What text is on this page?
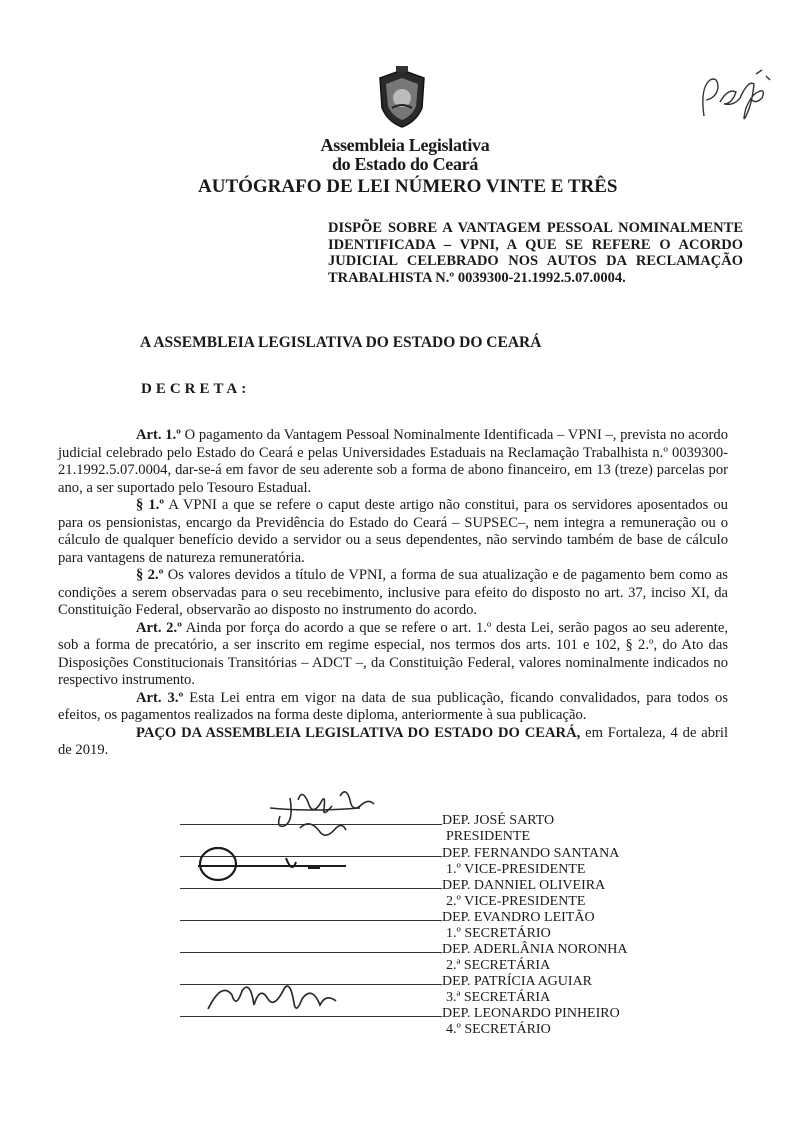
Assembleia Legislativa
do Estado do Ceará
AUTÓGRAFO DE LEI NÚMERO VINTE E TRÊS
DISPÕE SOBRE A VANTAGEM PESSOAL NOMINALMENTE IDENTIFICADA – VPNI, A QUE SE REFERE O ACORDO JUDICIAL CELEBRADO NOS AUTOS DA RECLAMAÇÃO TRABALHISTA N.º 0039300-21.1992.5.07.0004.
A ASSEMBLEIA LEGISLATIVA DO ESTADO DO CEARÁ
DECRETA:

Art. 1.º O pagamento da Vantagem Pessoal Nominalmente Identificada – VPNI –, prevista no acordo judicial celebrado pelo Estado do Ceará e pelas Universidades Estaduais na Reclamação Trabalhista n.º 0039300-21.1992.5.07.0004, dar-se-á em favor de seu aderente sob a forma de abono financeiro, em 13 (treze) parcelas por ano, a ser suportado pelo Tesouro Estadual.

§ 1.º A VPNI a que se refere o caput deste artigo não constitui, para os servidores aposentados ou para os pensionistas, encargo da Previdência do Estado do Ceará – SUPSEC–, nem integra a remuneração ou o cálculo de qualquer benefício devido a servidor ou a seus dependentes, não servindo também de base de cálculo para vantagens de natureza remuneratória.

§ 2.º Os valores devidos a título de VPNI, a forma de sua atualização e de pagamento bem como as condições a serem observadas para o seu recebimento, inclusive para efeito do disposto no art. 37, inciso XI, da Constituição Federal, observarão ao disposto no instrumento do acordo.

Art. 2.º Ainda por força do acordo a que se refere o art. 1.º desta Lei, serão pagos ao seu aderente, sob a forma de precatório, a ser inscrito em regime especial, nos termos dos arts. 101 e 102, § 2.º, do Ato das Disposições Constitucionais Transitórias – ADCT –, da Constituição Federal, valores nominalmente indicados no respectivo instrumento.

Art. 3.º Esta Lei entra em vigor na data de sua publicação, ficando convalidados, para todos os efeitos, os pagamentos realizados na forma deste diploma, anteriormente à sua publicação.

PAÇO DA ASSEMBLEIA LEGISLATIVA DO ESTADO DO CEARÁ, em Fortaleza, 4 de abril de 2019.

DEP. JOSÉ SARTO
PRESIDENTE
DEP. FERNANDO SANTANA
1.º VICE-PRESIDENTE
DEP. DANNIEL OLIVEIRA
2.º VICE-PRESIDENTE
DEP. EVANDRO LEITÃO
1.º SECRETÁRIO
DEP. ADERLÂNIA NORONHA
2.ª SECRETÁRIA
DEP. PATRÍCIA AGUIAR
3.ª SECRETÁRIA
DEP. LEONARDO PINHEIRO
4.º SECRETÁRIO
